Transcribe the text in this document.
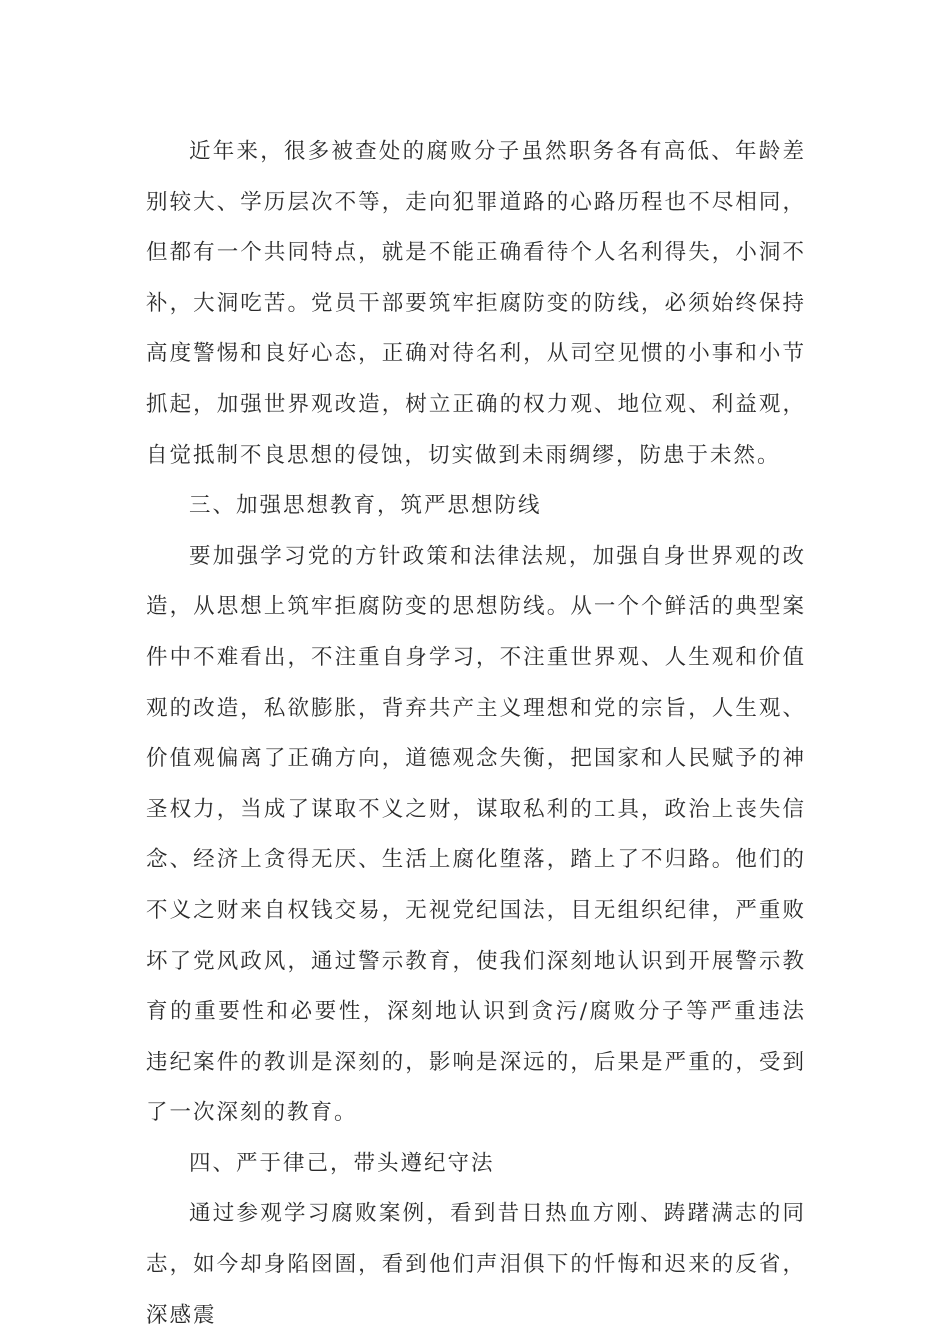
近年来，很多被查处的腐败分子虽然职务各有高低、年龄差别较大、学历层次不等，走向犯罪道路的心路历程也不尽相同，但都有一个共同特点，就是不能正确看待个人名利得失，小洞不补，大洞吃苦。党员干部要筑牢拒腐防变的防线，必须始终保持高度警惕和良好心态，正确对待名利，从司空见惯的小事和小节抓起，加强世界观改造，树立正确的权力观、地位观、利益观，自觉抵制不良思想的侵蚀，切实做到未雨绸缪，防患于未然。

三、加强思想教育，筑严思想防线

要加强学习党的方针政策和法律法规，加强自身世界观的改造，从思想上筑牢拒腐防变的思想防线。从一个个鲜活的典型案件中不难看出，不注重自身学习，不注重世界观、人生观和价值观的改造，私欲膨胀，背弃共产主义理想和党的宗旨，人生观、价值观偏离了正确方向，道德观念失衡，把国家和人民赋予的神圣权力，当成了谋取不义之财，谋取私利的工具，政治上丧失信念、经济上贪得无厌、生活上腐化堕落，踏上了不归路。他们的不义之财来自权钱交易，无视党纪国法，目无组织纪律，严重败坏了党风政风，通过警示教育，使我们深刻地认识到开展警示教育的重要性和必要性，深刻地认识到贪污/腐败分子等严重违法违纪案件的教训是深刻的，影响是深远的，后果是严重的，受到了一次深刻的教育。

四、严于律己，带头遵纪守法

通过参观学习腐败案例，看到昔日热血方刚、踌躇满志的同志，如今却身陷囹圄，看到他们声泪俱下的忏悔和迟来的反省，深感震
